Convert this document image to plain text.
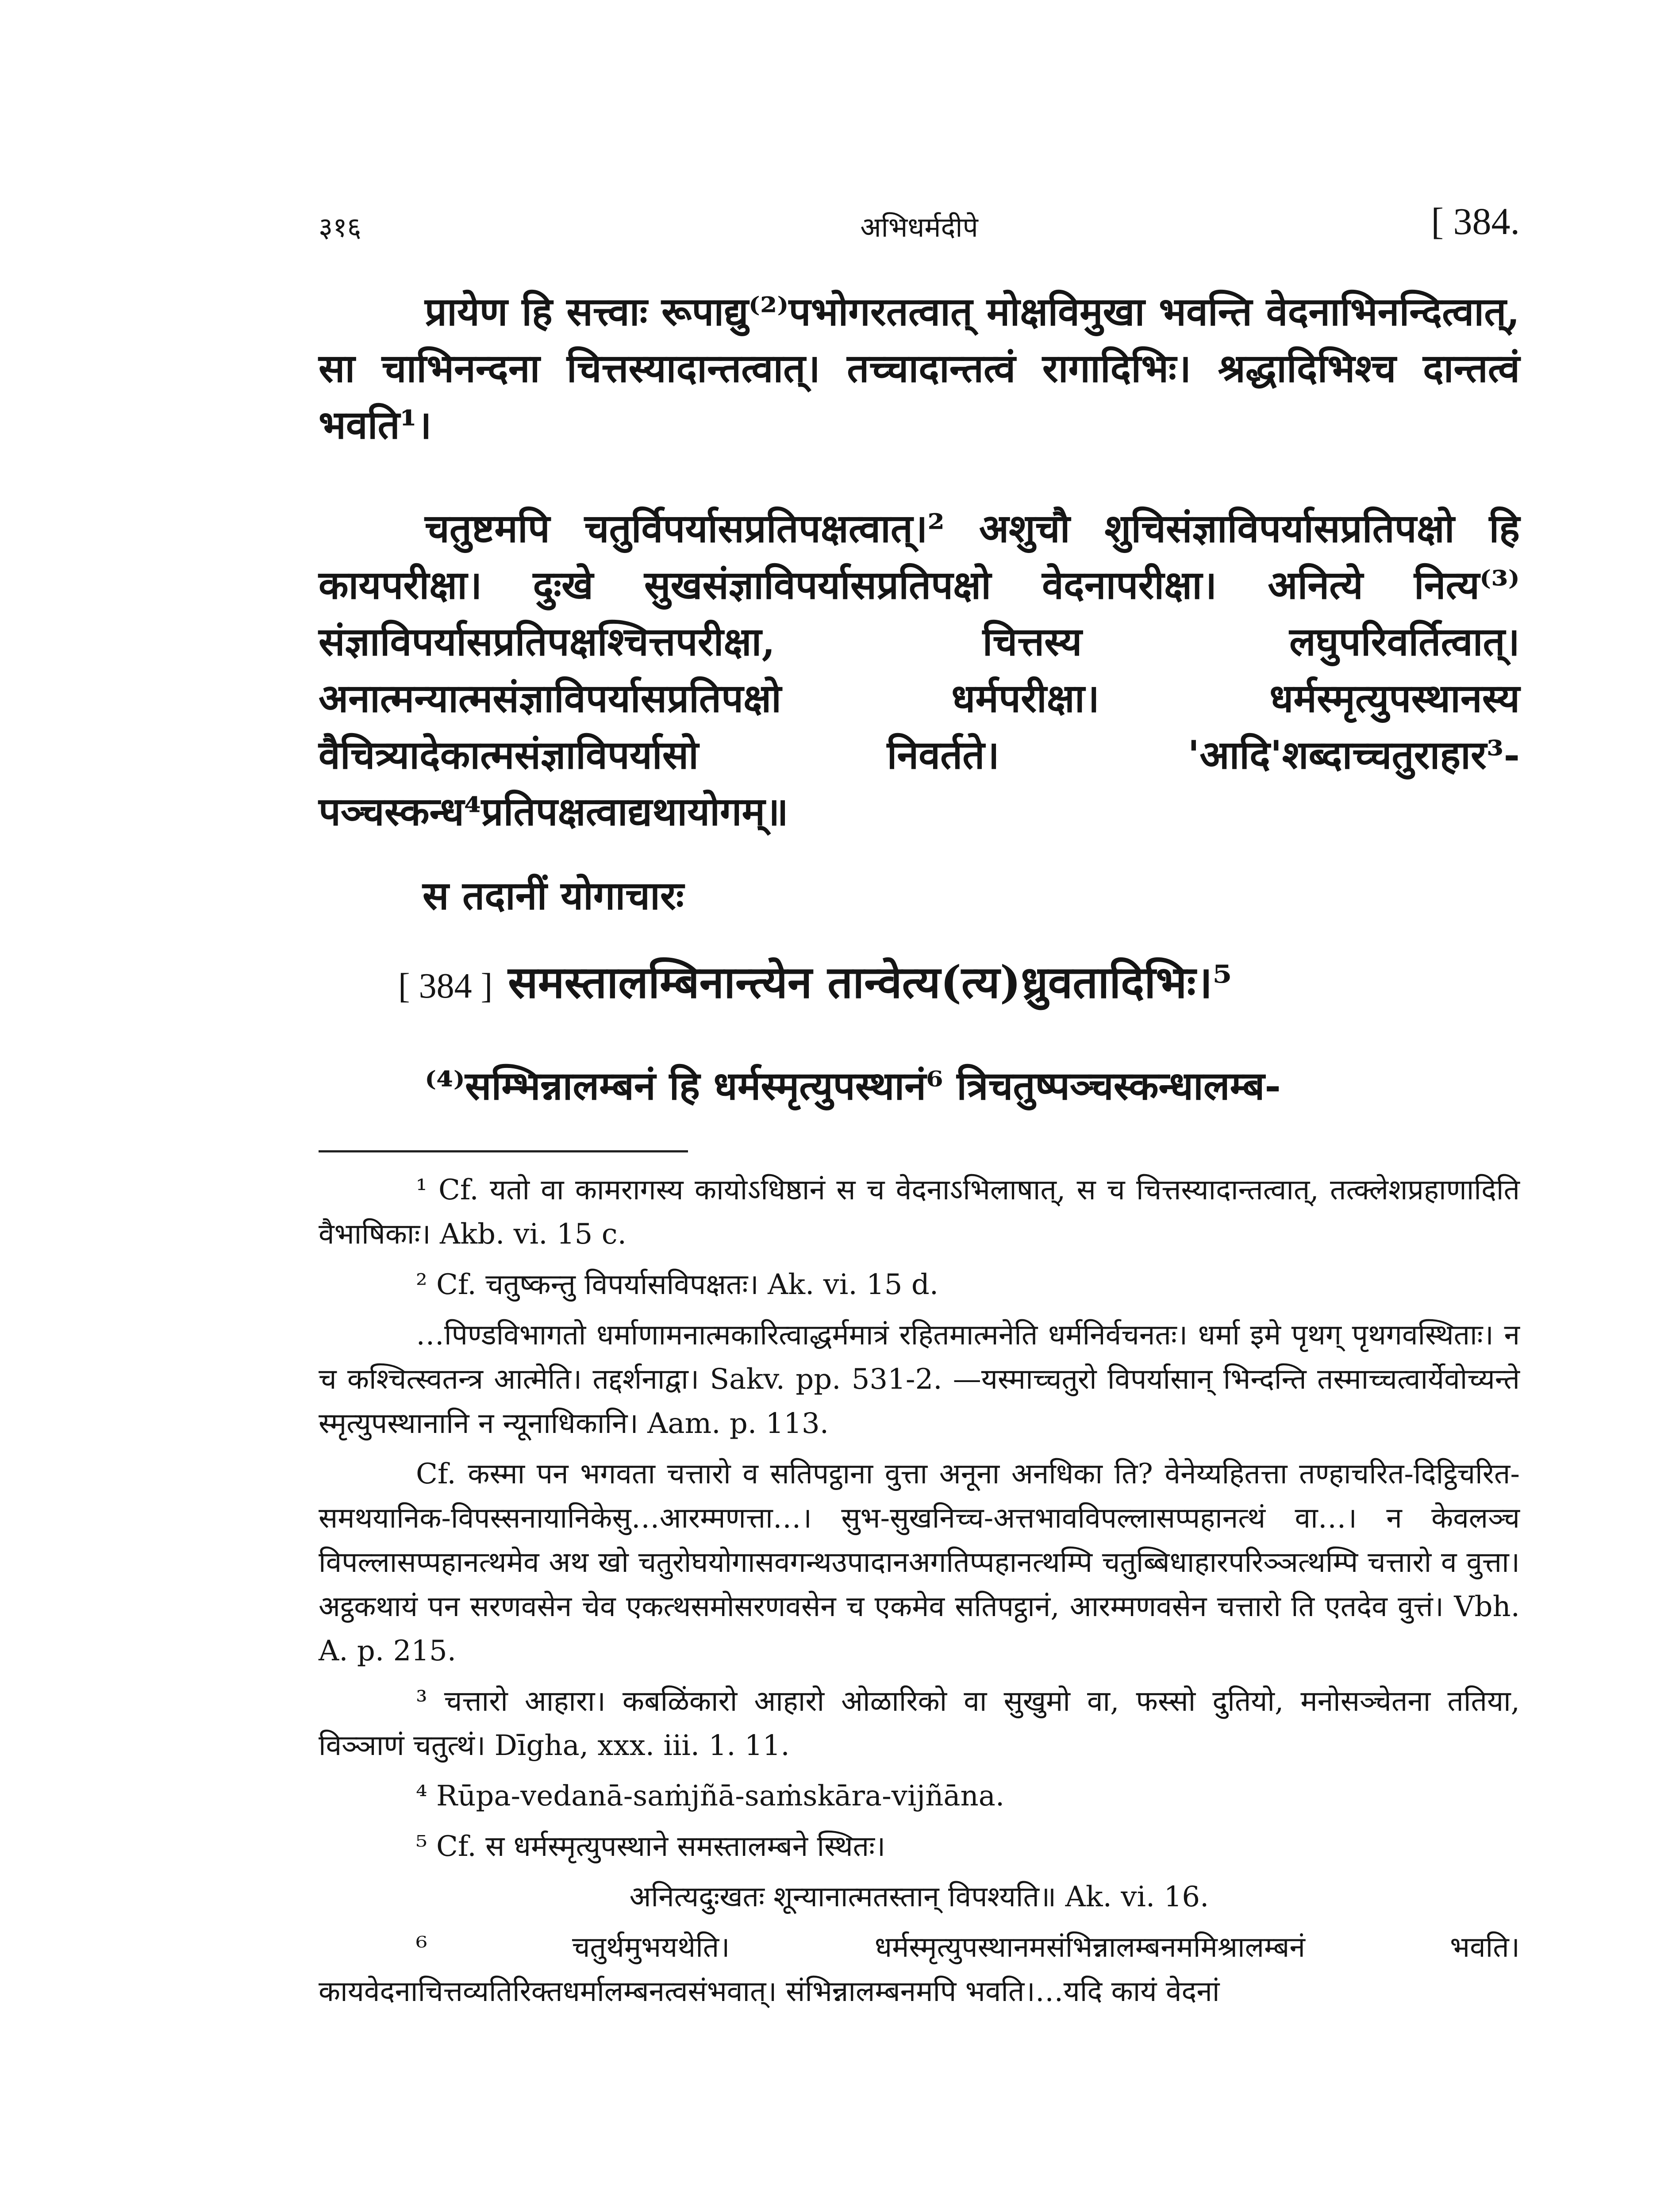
३१६	अभिधर्मदीपे	[ 384.

प्रायेण हि सत्त्वाः रूपाद्यु⁽²⁾पभोगरतत्वात् मोक्षविमुखा भवन्ति वेदनाभिनन्दित्वात्, सा चाभिनन्दना चित्तस्यादान्तत्वात्। तच्चादान्तत्वं रागादिभिः। श्रद्धादिभिश्च दान्तत्वं भवति¹।

चतुष्टमपि चतुर्विपर्यासप्रतिपक्षत्वात्।² अशुचौ शुचिसंज्ञाविपर्यासप्रतिपक्षो हि कायपरीक्षा। दुःखे सुखसंज्ञाविपर्यासप्रतिपक्षो वेदनापरीक्षा। अनित्ये नित्य⁽³⁾संज्ञाविपर्यासप्रतिपक्षश्चित्तपरीक्षा, चित्तस्य लघुपरिवर्तित्वात्। अनात्मन्यात्मसंज्ञाविपर्यासप्रतिपक्षो धर्मपरीक्षा। धर्मस्मृत्युपस्थानस्य वैचित्र्यादेकात्मसंज्ञाविपर्यासो निवर्तते। 'आदि'शब्दाच्चतुराहार³-पञ्चस्कन्ध⁴प्रतिपक्षत्वाद्यथायोगम्॥

स तदानीं योगाचारः

[ 384 ] समस्तालम्बिनान्त्येन तान्वेत्य(त्य)ध्रुवतादिभिः।⁵

⁽⁴⁾सम्भिन्नालम्बनं हि धर्मस्मृत्युपस्थानं⁶ त्रिचतुष्पञ्चस्कन्धालम्ब-

¹ Cf. यतो वा कामरागस्य कायोऽधिष्ठानं स च वेदनाऽभिलाषात्, स च चित्तस्यादान्तत्वात्, तत्क्लेशप्रहाणादिति वैभाषिकाः। Akb. vi. 15 c.

² Cf. चतुष्कन्तु विपर्यासविपक्षतः। Ak. vi. 15 d.

…पिण्डविभागतो धर्माणामनात्मकारित्वाद्धर्ममात्रं रहितमात्मनेति धर्मनिर्वचनतः। धर्मा इमे पृथग् पृथगवस्थिताः। न च कश्चित्स्वतन्त्र आत्मेति। तद्दर्शनाद्वा। Sakv. pp. 531-2. —यस्माच्चतुरो विपर्यासान् भिन्दन्ति तस्माच्चत्वार्येवोच्यन्ते स्मृत्युपस्थानानि न न्यूनाधिकानि। Aam. p. 113.

Cf. कस्मा पन भगवता चत्तारो व सतिपट्ठाना वुत्ता अनूना अनधिका ति? वेनेय्यहितत्ता तण्हाचरित-दिट्ठिचरित-समथयानिक-विपस्सनायानिकेसु…आरम्मणत्ता…। सुभ-सुखनिच्च-अत्तभावविपल्लासप्पहानत्थं वा…। न केवलञ्च विपल्लासप्पहानत्थमेव अथ खो चतुरोघयोगासवगन्थउपादानअगतिप्पहानत्थम्पि चतुब्बिधाहारपरिञ्ञत्थम्पि चत्तारो व वुत्ता। अट्ठकथायं पन सरणवसेन चेव एकत्थसमोसरणवसेन च एकमेव सतिपट्ठानं, आरम्मणवसेन चत्तारो ति एतदेव वुत्तं। Vbh. A. p. 215.

³ चत्तारो आहारा। कबळिंकारो आहारो ओळारिको वा सुखुमो वा, फस्सो दुतियो, मनोसञ्चेतना ततिया, विञ्ञाणं चतुत्थं। Dīgha, xxx. iii. 1. 11.

⁴ Rūpa-vedanā-saṁjñā-saṁskāra-vijñāna.

⁵ Cf. स धर्मस्मृत्युपस्थाने समस्तालम्बने स्थितः।

अनित्यदुःखतः शून्यानात्मतस्तान् विपश्यति॥ Ak. vi. 16.

⁶ चतुर्थमुभयथेति। धर्मस्मृत्युपस्थानमसंभिन्नालम्बनममिश्रालम्बनं भवति। कायवेदनाचित्तव्यतिरिक्तधर्मालम्बनत्वसंभवात्। संभिन्नालम्बनमपि भवति।…यदि कायं वेदनां
